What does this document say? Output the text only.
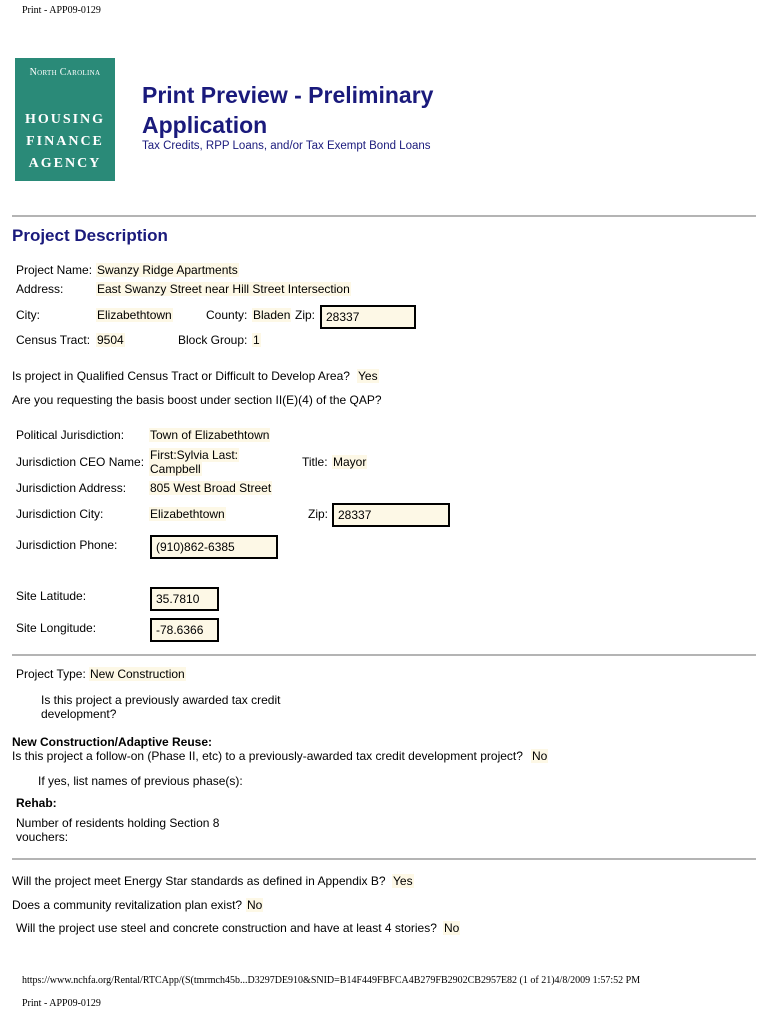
Print - APP09-0129
North Carolina
HOUSING
FINANCE
AGENCY
Print Preview - Preliminary
Application
Tax Credits, RPP Loans, and/or Tax Exempt Bond Loans
Project Description
Project Name: Swanzy Ridge Apartments
Address:	East Swanzy Street near Hill Street Intersection
City:	Elizabethtown	County: Bladen Zip: 28337
Census Tract: 9504	Block Group: 1
Is project in Qualified Census Tract or Difficult to Develop Area? Yes
Are you requesting the basis boost under section II(E)(4) of the QAP?
Political Jurisdiction: Town of Elizabethtown
Jurisdiction CEO Name: First:Sylvia Last:
Campbell	Title: Mayor
Jurisdiction Address: 805 West Broad Street
Jurisdiction City:	Elizabethtown	Zip: 28337
Jurisdiction Phone:	(910)862-6385
Site Latitude:	35.7810
Site Longitude:	-78.6366
Project Type: New Construction
Is this project a previously awarded tax credit
development?
New Construction/Adaptive Reuse:
Is this project a follow-on (Phase II, etc) to a previously-awarded tax credit development project? No
If yes, list names of previous phase(s):
Rehab:
Number of residents holding Section 8
vouchers:
Will the project meet Energy Star standards as defined in Appendix B? Yes
Does a community revitalization plan exist? No
Will the project use steel and concrete construction and have at least 4 stories? No
https://www.nchfa.org/Rental/RTCApp/(S(tmrmch45b...D3297DE910&SNID=B14F449FBFCA4B279FB2902CB2957E82 (1 of 21)4/8/2009 1:57:52 PM
Print - APP09-0129
